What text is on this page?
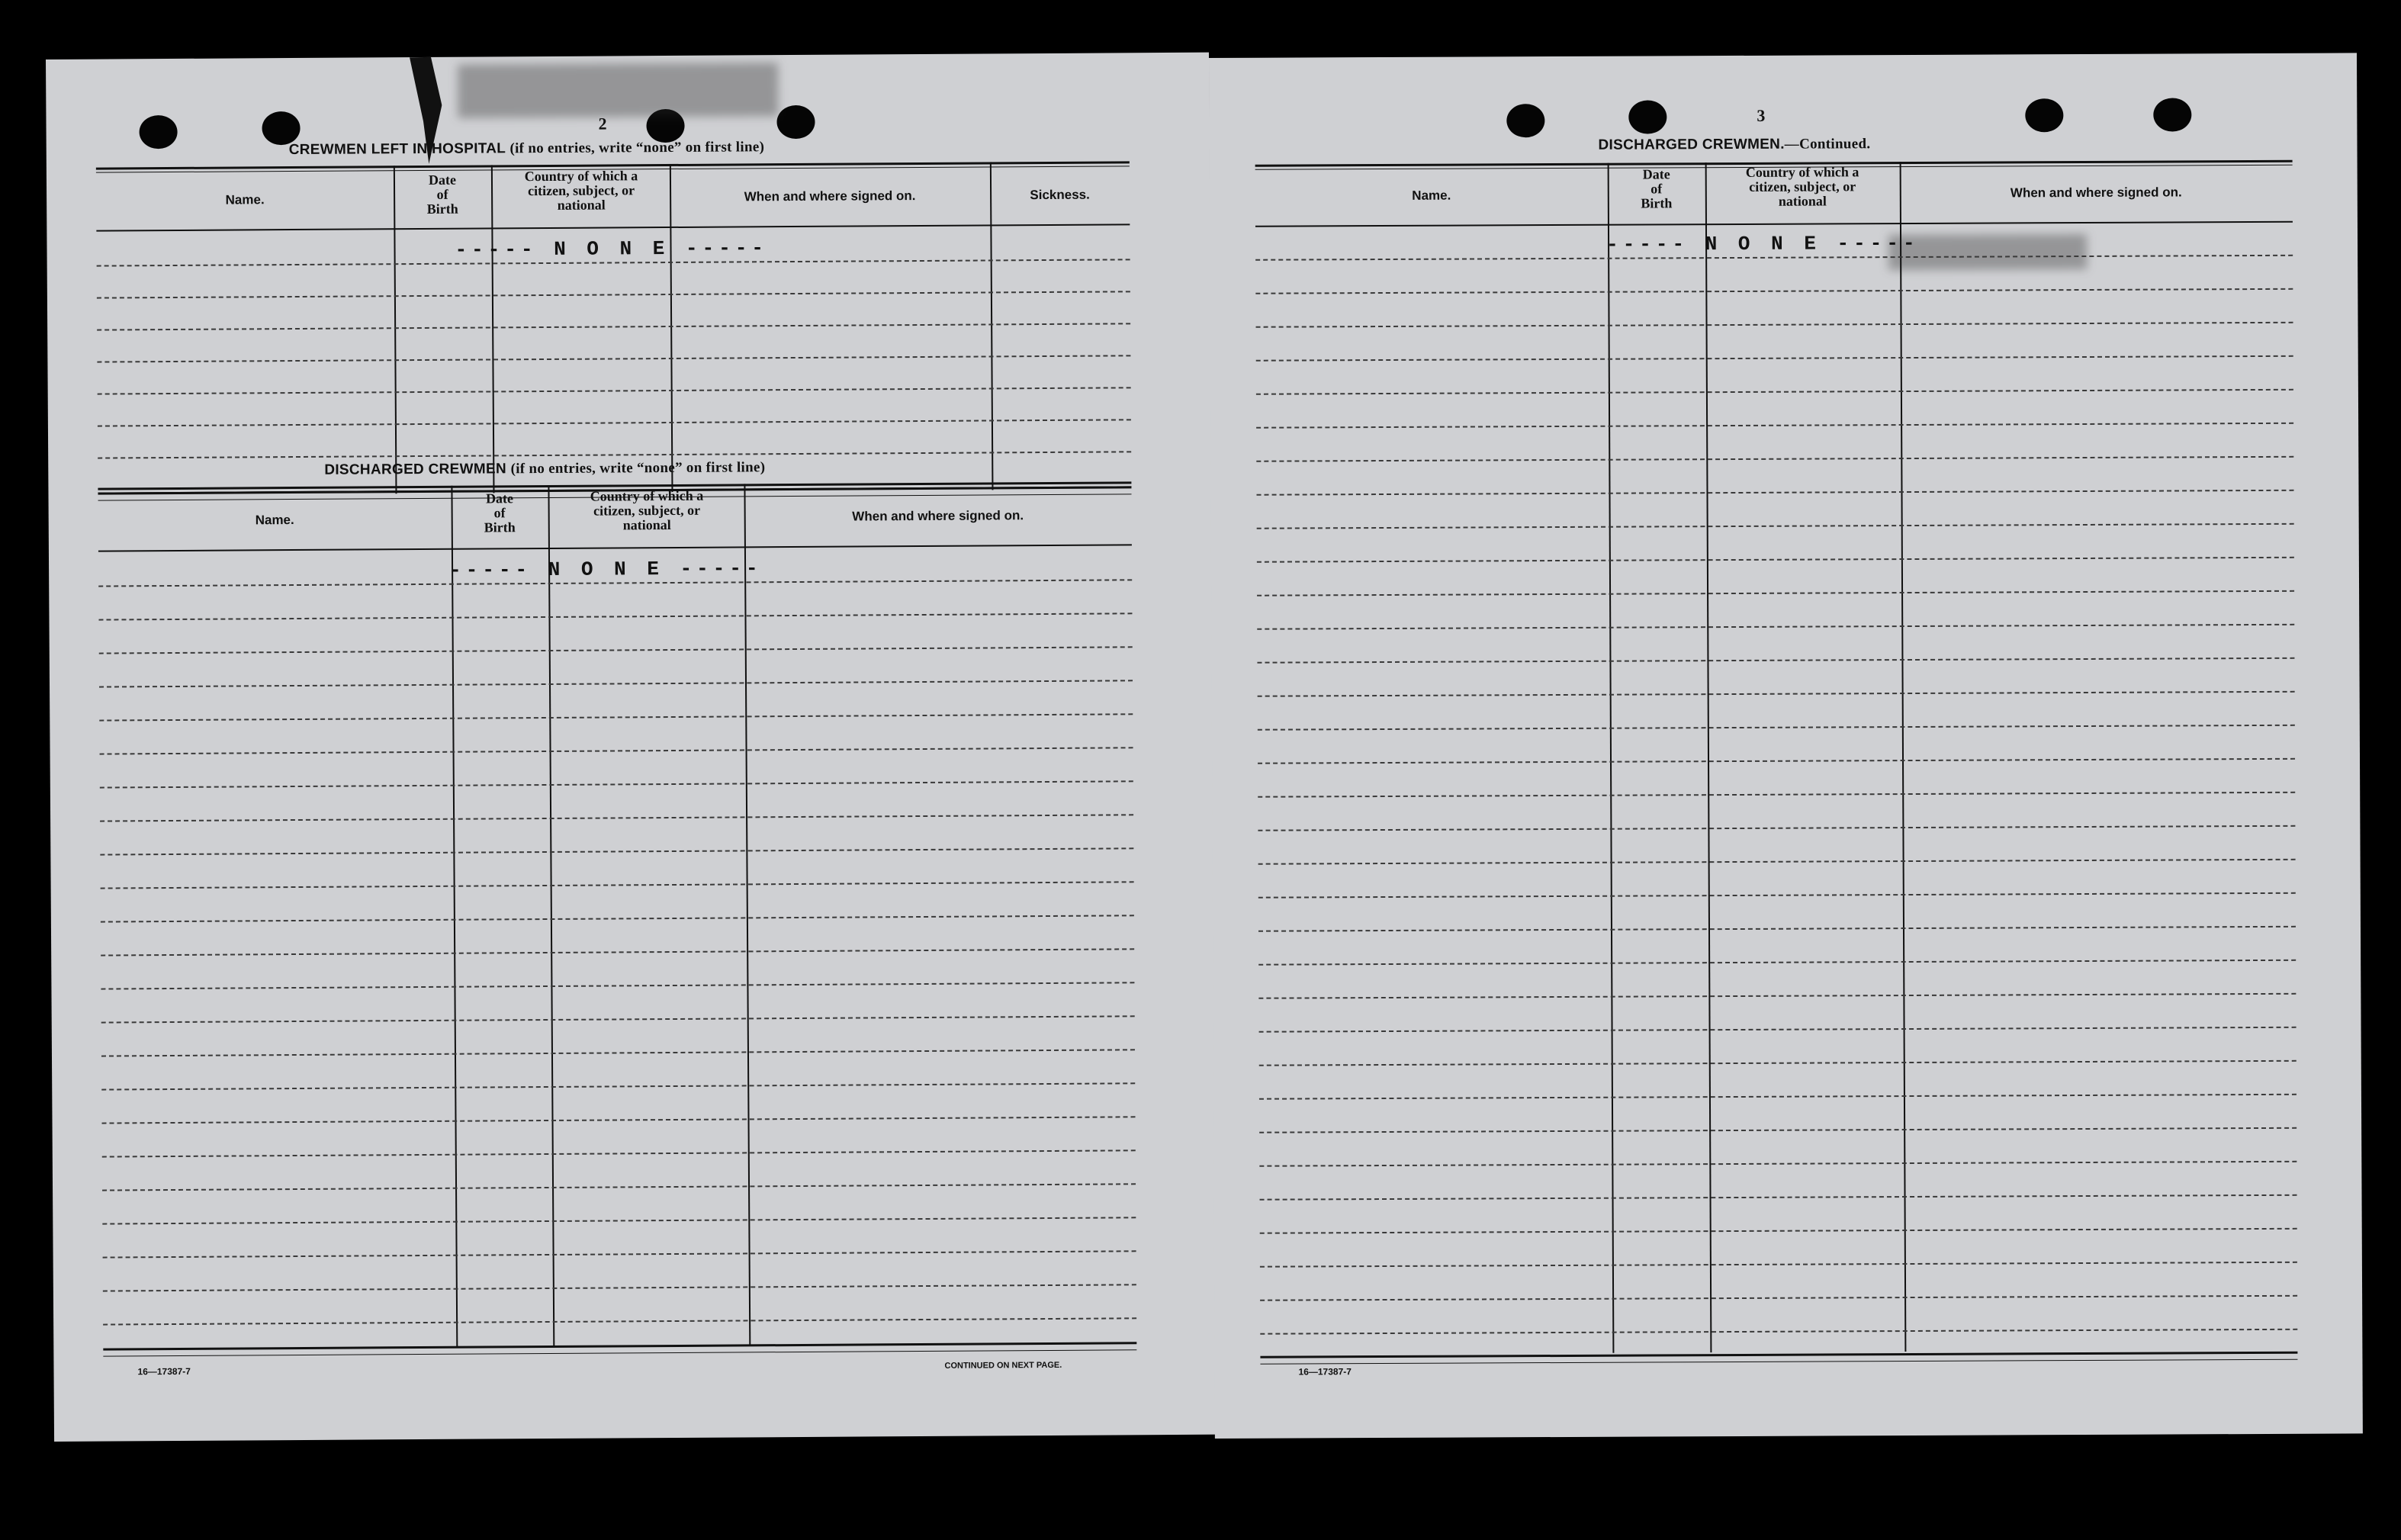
2
CREWMEN LEFT IN HOSPITAL (if no entries, write “none” on first line)
Name.
Date
of
Birth
Country of which a
citizen, subject, or
national
When and where signed on.	Sickness.
----- N O N E -----
DISCHARGED CREWMEN (if no entries, write “none” on first line)
Name.
Date
of
Birth
Country of which a
citizen, subject, or
national
When and where signed on.
----- N O N E -----
16—17387-7
CONTINUED ON NEXT PAGE.
3
DISCHARGED CREWMEN.—Continued.
Name.
Date
of
Birth
Country of which a
citizen, subject, or
national
When and where signed on.
----- N O N E -----
16—17387-7
